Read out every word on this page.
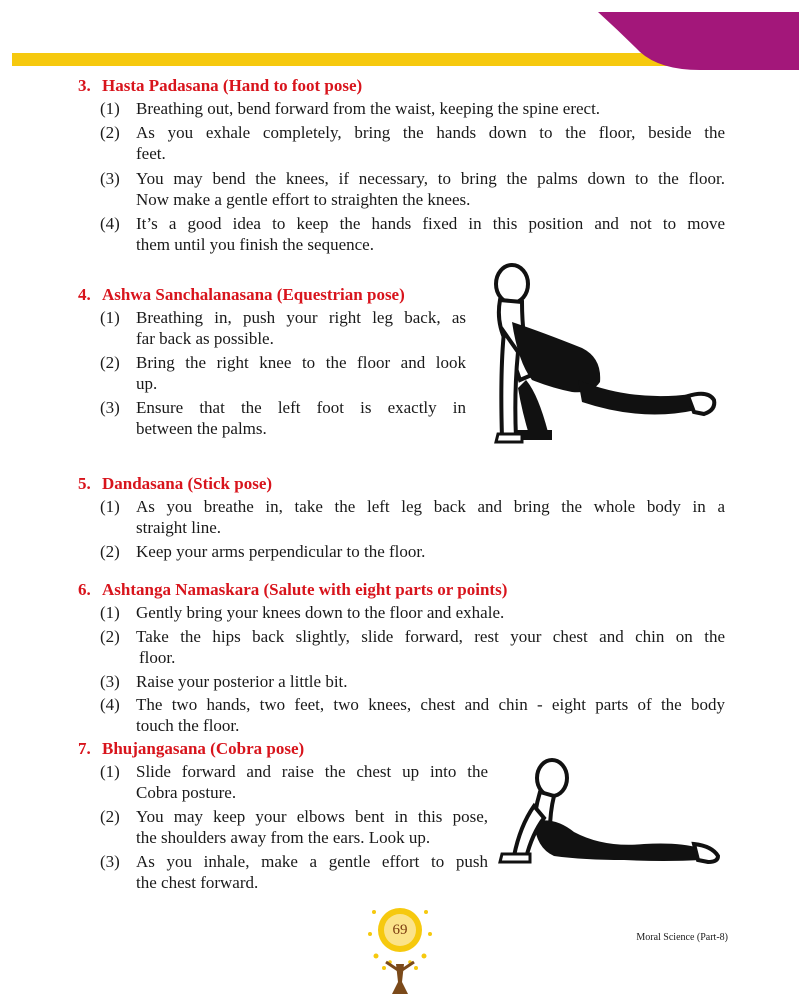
3. Hasta Padasana (Hand to foot pose)
(1) Breathing out, bend forward from the waist, keeping the spine erect.
(2) As you exhale completely, bring the hands down to the floor, beside the
feet.
(3) You may bend the knees, if necessary, to bring the palms down to the floor.
Now make a gentle effort to straighten the knees.
(4) It’s a good idea to keep the hands fixed in this position and not to move
them until you finish the sequence.
4. Ashwa Sanchalanasana (Equestrian pose)
(1) Breathing in, push your right leg back, as
far back as possible.
(2) Bring the right knee to the floor and look
up.
(3) Ensure that the left foot is exactly in
between the palms.
5. Dandasana (Stick pose)
(1) As you breathe in, take the left leg back and bring the whole body in a
straight line.
(2) Keep your arms perpendicular to the floor.
6. Ashtanga Namaskara (Salute with eight parts or points)
(1) Gently bring your knees down to the floor and exhale.
(2) Take the hips back slightly, slide forward, rest your chest and chin on the
floor.
(3) Raise your posterior a little bit.
(4) The two hands, two feet, two knees, chest and chin - eight parts of the body
touch the floor.
7. Bhujangasana (Cobra pose)
(1) Slide forward and raise the chest up into the
Cobra posture.
(2) You may keep your elbows bent in this pose,
the shoulders away from the ears. Look up.
(3) As you inhale, make a gentle effort to push
the chest forward.
69	Moral Science (Part-8)
